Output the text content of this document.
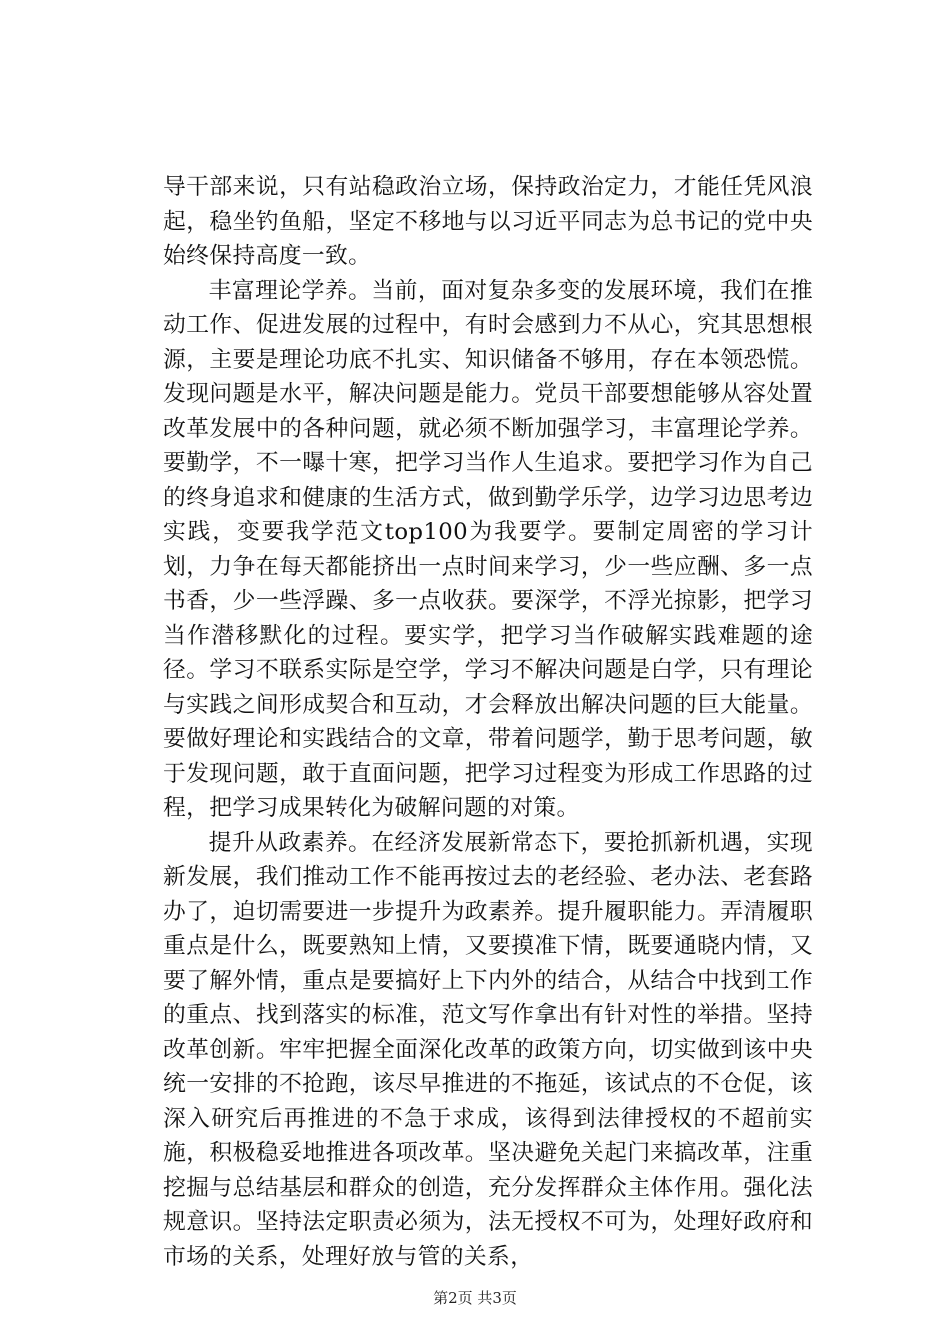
导干部来说，只有站稳政治立场，保持政治定力，才能任凭风浪起，稳坐钓鱼船，坚定不移地与以习近平同志为总书记的党中央始终保持高度一致。

丰富理论学养。当前，面对复杂多变的发展环境，我们在推动工作、促进发展的过程中，有时会感到力不从心，究其思想根源，主要是理论功底不扎实、知识储备不够用，存在本领恐慌。发现问题是水平，解决问题是能力。党员干部要想能够从容处置改革发展中的各种问题，就必须不断加强学习，丰富理论学养。要勤学，不一曝十寒，把学习当作人生追求。要把学习作为自己的终身追求和健康的生活方式，做到勤学乐学，边学习边思考边实践，变要我学范文top100为我要学。要制定周密的学习计划，力争在每天都能挤出一点时间来学习，少一些应酬、多一点书香，少一些浮躁、多一点收获。要深学，不浮光掠影，把学习当作潜移默化的过程。要实学，把学习当作破解实践难题的途径。学习不联系实际是空学，学习不解决问题是白学，只有理论与实践之间形成契合和互动，才会释放出解决问题的巨大能量。要做好理论和实践结合的文章，带着问题学，勤于思考问题，敏于发现问题，敢于直面问题，把学习过程变为形成工作思路的过程，把学习成果转化为破解问题的对策。

提升从政素养。在经济发展新常态下，要抢抓新机遇，实现新发展，我们推动工作不能再按过去的老经验、老办法、老套路办了，迫切需要进一步提升为政素养。提升履职能力。弄清履职重点是什么，既要熟知上情，又要摸准下情，既要通晓内情，又要了解外情，重点是要搞好上下内外的结合，从结合中找到工作的重点、找到落实的标准，范文写作拿出有针对性的举措。坚持改革创新。牢牢把握全面深化改革的政策方向，切实做到该中央统一安排的不抢跑，该尽早推进的不拖延，该试点的不仓促，该深入研究后再推进的不急于求成，该得到法律授权的不超前实施，积极稳妥地推进各项改革。坚决避免关起门来搞改革，注重挖掘与总结基层和群众的创造，充分发挥群众主体作用。强化法规意识。坚持法定职责必须为，法无授权不可为，处理好政府和市场的关系，处理好放与管的关系，

第2页 共3页
